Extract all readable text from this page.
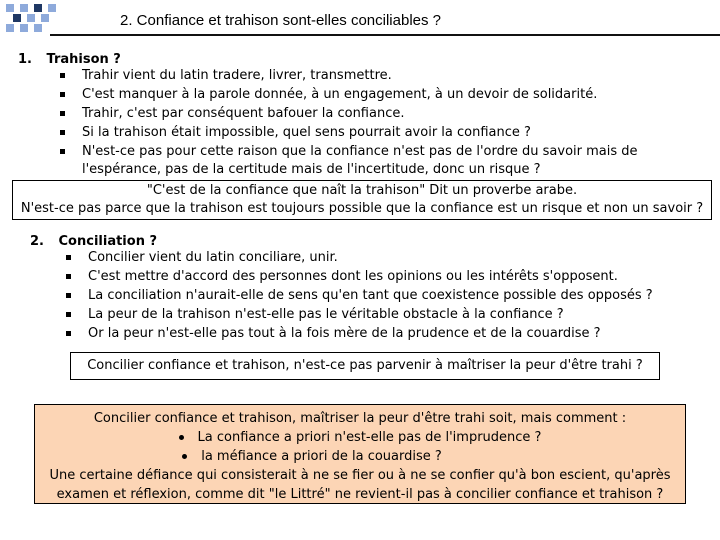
2. Confiance et trahison sont-elles conciliables ?
1. Trahison ?
Trahir vient du latin tradere, livrer, transmettre.
C'est manquer à la parole donnée, à un engagement, à un devoir de solidarité.
Trahir, c'est par conséquent bafouer la confiance.
Si la trahison était impossible, quel sens pourrait avoir la confiance ?
N'est-ce pas pour cette raison que la confiance n'est pas de l'ordre du savoir mais de
l'espérance, pas de la certitude mais de l'incertitude, donc un risque ?
"C'est de la confiance que naît la trahison" Dit un proverbe arabe.
N'est-ce pas parce que la trahison est toujours possible que la confiance est un risque et non un savoir ?
2. Conciliation ?
Concilier vient du latin conciliare, unir.
C'est mettre d'accord des personnes dont les opinions ou les intérêts s'opposent.
La conciliation n'aurait-elle de sens qu'en tant que coexistence possible des opposés ?
La peur de la trahison n'est-elle pas le véritable obstacle à la confiance ?
Or la peur n'est-elle pas tout à la fois mère de la prudence et de la couardise ?
Concilier confiance et trahison, n'est-ce pas parvenir à maîtriser la peur d'être trahi ?
Concilier confiance et trahison, maîtriser la peur d'être trahi soit, mais comment :
La confiance a priori n'est-elle pas de l'imprudence ?
la méfiance a priori de la couardise ?
Une certaine défiance qui consisterait à ne se fier ou à ne se confier qu'à bon escient, qu'après
examen et réflexion, comme dit "le Littré" ne revient-il pas à concilier confiance et trahison ?
